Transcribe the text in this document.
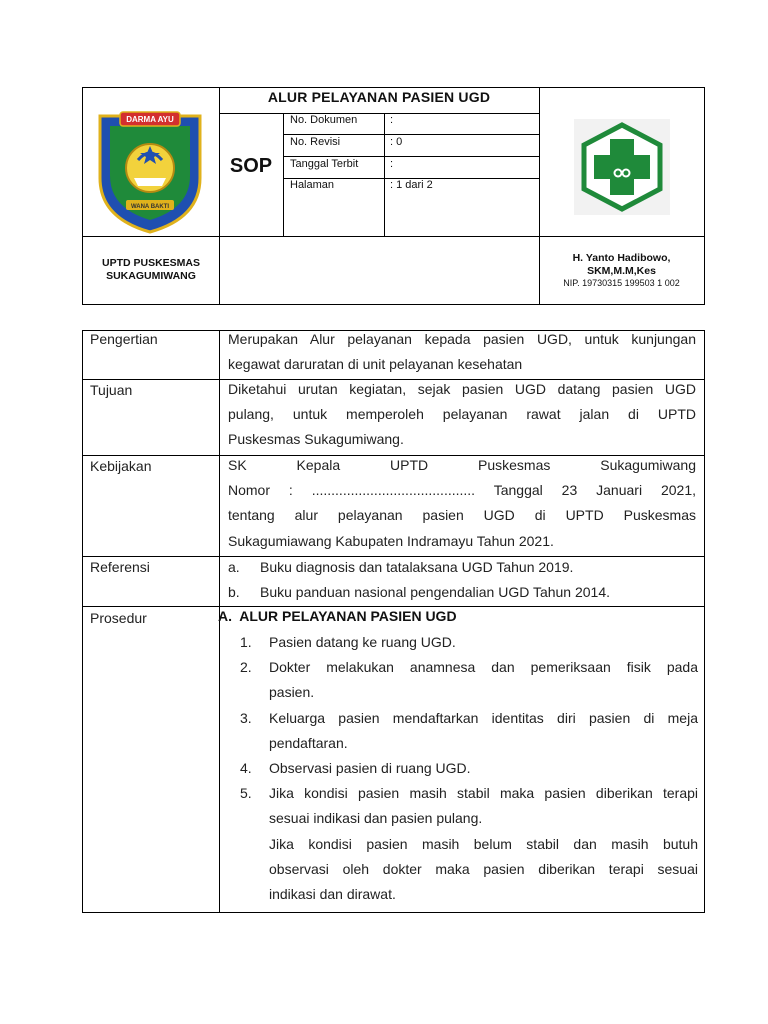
DARMA AYU
WANA BAKTI
ALUR PELAYANAN PASIEN UGD
SOP
No. Dokumen	:
No. Revisi	: 0
Tanggal Terbit	:
Halaman	: 1 dari 2
UPTD PUSKESMAS
SUKAGUMIWANG
H. Yanto Hadibowo,
SKM,M.M,Kes
NIP. 19730315 199503 1 002
Pengertian	Merupakan Alur pelayanan kepada pasien UGD, untuk kunjungan
kegawat daruratan di unit pelayanan kesehatan
Tujuan	Diketahui urutan kegiatan, sejak pasien UGD datang pasien UGD
pulang, untuk memperoleh pelayanan rawat jalan di UPTD
Puskesmas Sukagumiwang.
Kebijakan	SK Kepala UPTD Puskesmas Sukagumiwang
Nomor : .......................................... Tanggal 23 Januari 2021,
tentang alur pelayanan pasien UGD di UPTD Puskesmas
Sukagumiawang Kabupaten Indramayu Tahun 2021.
Referensi	a. Buku diagnosis dan tatalaksana UGD Tahun 2019.
b. Buku panduan nasional pengendalian UGD Tahun 2014.
Prosedur	A.  ALUR PELAYANAN PASIEN UGD
1.	Pasien datang ke ruang UGD.
2.	Dokter melakukan anamnesa dan pemeriksaan fisik pada
pasien.
3.	Keluarga pasien mendaftarkan identitas diri pasien di meja
pendaftaran.
4.	Observasi pasien di ruang UGD.
5.	Jika kondisi pasien masih stabil maka pasien diberikan terapi
sesuai indikasi dan pasien pulang.
Jika kondisi pasien masih belum stabil dan masih butuh
observasi oleh dokter maka pasien diberikan terapi sesuai
indikasi dan dirawat.
